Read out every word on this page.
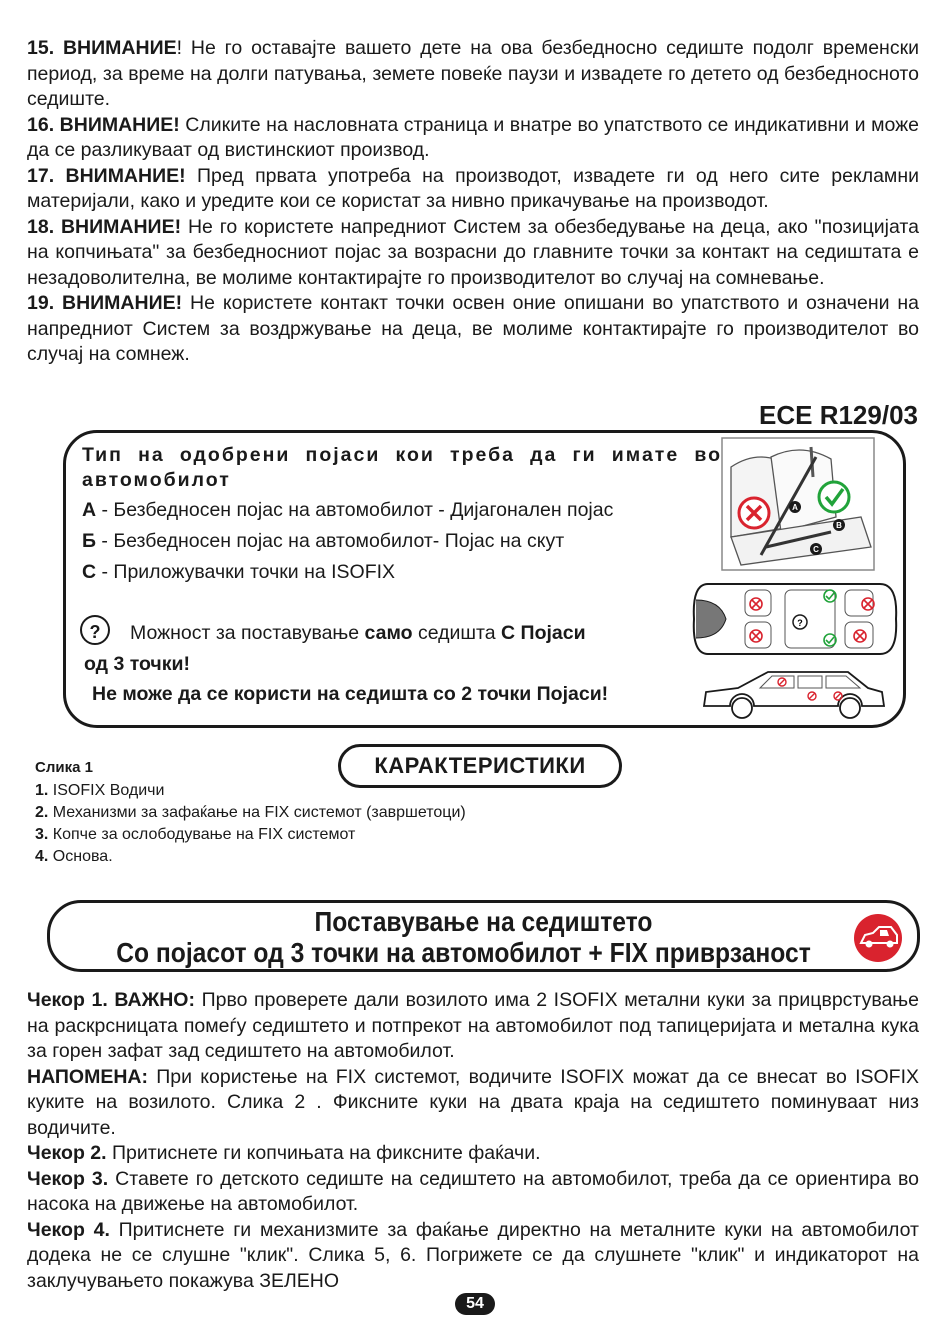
15. ВНИМАНИЕ! Не го оставајте вашето дете на ова безбедносно седиште подолг временски период, за време на долги патувања, земете повеќе паузи и извадете го детето од безбедносното седиште.

16. ВНИМАНИЕ! Сликите на насловната страница и внатре во упатството се индикативни и може да се разликуваат од вистинскиот производ.

17. ВНИМАНИЕ! Пред првата употреба на производот, извадете ги од него сите рекламни материјали, како и уредите кои се користат за нивно прикачување на производот.

18. ВНИМАНИЕ! Не го користете напредниот Систем за обезбедување на деца, ако "позицијата на копчињата" за безбедносниот појас за возрасни до главните точки за контакт на седиштата е незадоволителна, ве молиме контактирајте го производителот во случај на сомневање.

19. ВНИМАНИЕ! Не користете контакт точки освен оние опишани во упатството и означени на напредниот Систем за воздржување на деца, ве молиме контактирајте го производителот во случај на сомнеж.

ECE R129/03
Тип на одобрени појаси кои треба да ги имате во автомобилот
А - Безбедносен појас на автомобилот - Дијагонален појас
Б - Безбедносен појас на автомобилот- Појас на скут
С - Приложувачки точки на ISOFIX
?	Можност за поставување само седишта С Појаси
од 3 точки!
Не може да се користи на седишта со 2 точки Појаси!
A
B
C
?
Слика 1	КАРАКТЕРИСТИКИ
1. ISOFIX Водичи
2. Механизми за зафаќање на FIX системот (завршетоци)
3. Копче за ослободување на FIX системот
4. Основа.
Поставување на седиштето
Со појасот од 3 точки на автомобилот + FIX приврзаност

Чекор 1. ВАЖНО: Прво проверете дали возилото има 2 ISOFIX метални куки за прицврстување на раскрсницата помеѓу седиштето и потпрекот на автомобилот под тапицеријата и метална кука за горен зафат зад седиштето на автомобилот.

НАПОМЕНА: При користење на FIX системот, водичите ISOFIX можат да се внесат во ISOFIX куките на возилото. Слика 2 . Фиксните куки на двата краја на седиштето поминуваат низ водичите.

Чекор 2. Притиснете ги копчињата на фиксните фаќачи.

Чекор 3. Ставете го детското седиште на седиштето на автомобилот, треба да се ориентира во насока на движење на автомобилот.

Чекор 4. Притиснете ги механизмите за фаќање директно на металните куки на автомобилот додека не се слушне "клик". Слика 5, 6. Погрижете се да слушнете "клик" и индикаторот на заклучувањето покажува ЗЕЛЕНО

54
